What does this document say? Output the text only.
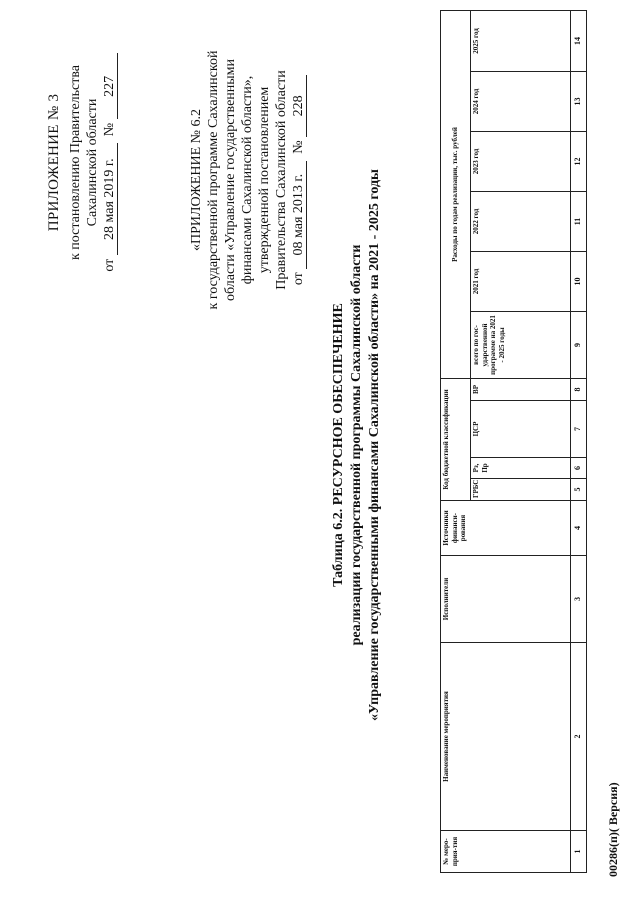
ПРИЛОЖЕНИЕ № 3 к постановлению Правительства Сахалинской области
от 28 мая 2019 г.  № 227
«ПРИЛОЖЕНИЕ № 6.2 к государственной программе Сахалинской области «Управление государственными финансами Сахалинской области», утвержденной постановлением Правительства Сахалинской области от 08 мая 2013 г.  № 228
Таблица 6.2. РЕСУРСНОЕ ОБЕСПЕЧЕНИЕ реализации государственной программы Сахалинской области «Управление государственными финансами Сахалинской области» на 2021 - 2025 годы
№ меро-прия-тия	Наименование мероприятия	Исполнители	Источники финанси-рования	Код бюджетной классификации				Расходы по годам реализации, тыс. рублей					
				ГРБС	Рз, Пр	ЦСР	ВР	всего по гос-ударственной программе на 2021 - 2025 годы	2021 год	2022 год	2023 год	2024 год	2025 год
1	2	3	4	5	6	7	8	9	10	11	12	13	14
00286(п)( Версия)
